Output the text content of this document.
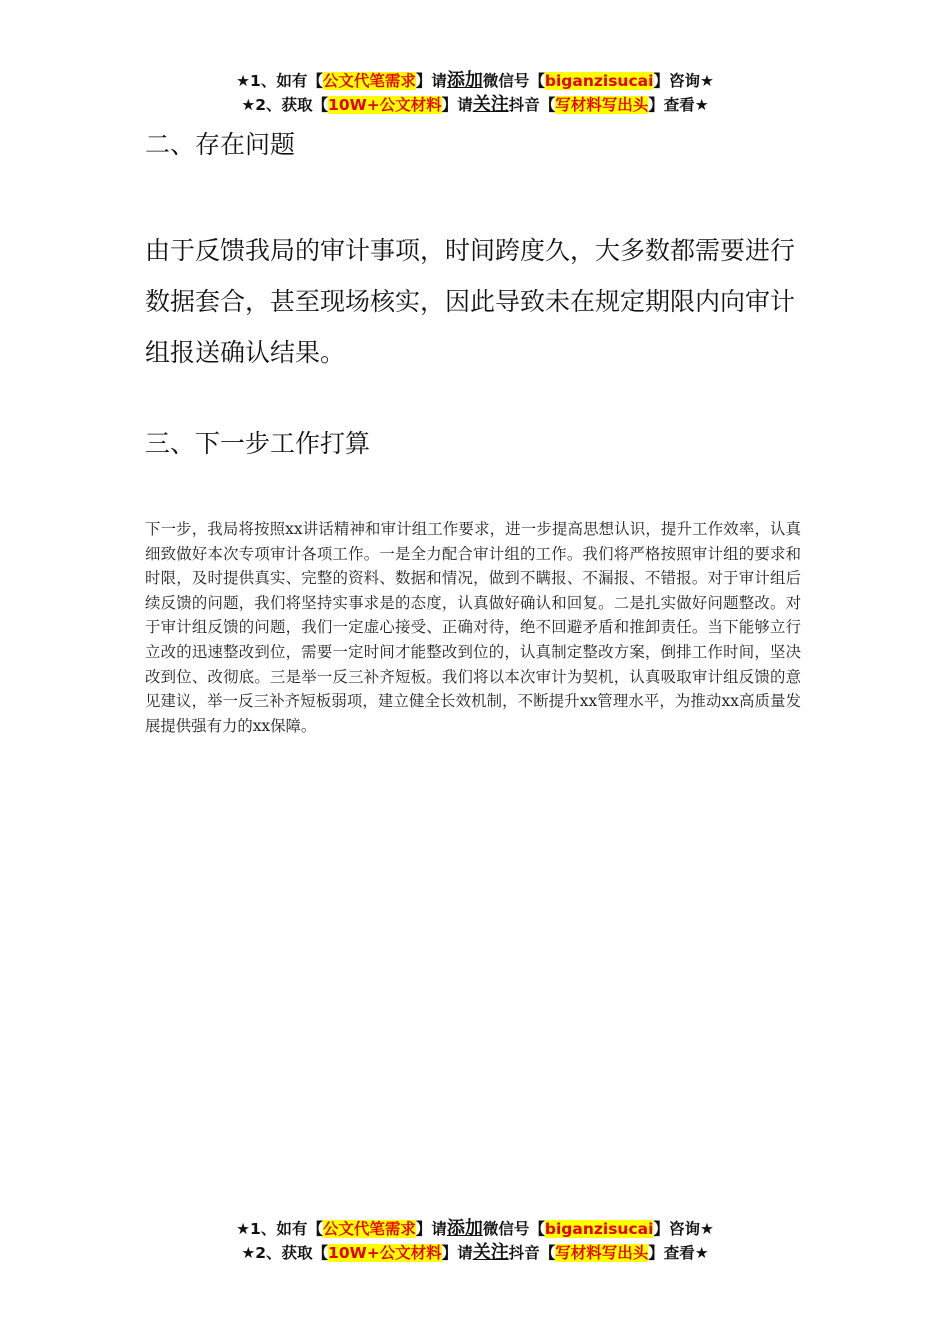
★1、如有【公文代笔需求】请添加微信号【biganzisucai】咨询★
★2、获取【10W+公文材料】请关注抖音【写材料写出头】查看★
二、存在问题
由于反馈我局的审计事项，时间跨度久，大多数都需要进行数据套合，甚至现场核实，因此导致未在规定期限内向审计组报送确认结果。
三、下一步工作打算
下一步，我局将按照xx讲话精神和审计组工作要求，进一步提高思想认识，提升工作效率，认真细致做好本次专项审计各项工作。一是全力配合审计组的工作。我们将严格按照审计组的要求和时限，及时提供真实、完整的资料、数据和情况，做到不瞒报、不漏报、不错报。对于审计组后续反馈的问题，我们将坚持实事求是的态度，认真做好确认和回复。二是扎实做好问题整改。对于审计组反馈的问题，我们一定虚心接受、正确对待，绝不回避矛盾和推卸责任。当下能够立行立改的迅速整改到位，需要一定时间才能整改到位的，认真制定整改方案，倒排工作时间，坚决改到位、改彻底。三是举一反三补齐短板。我们将以本次审计为契机，认真吸取审计组反馈的意见建议，举一反三补齐短板弱项，建立健全长效机制，不断提升xx管理水平，为推动xx高质量发展提供强有力的xx保障。
★1、如有【公文代笔需求】请添加微信号【biganzisucai】咨询★
★2、获取【10W+公文材料】请关注抖音【写材料写出头】查看★
